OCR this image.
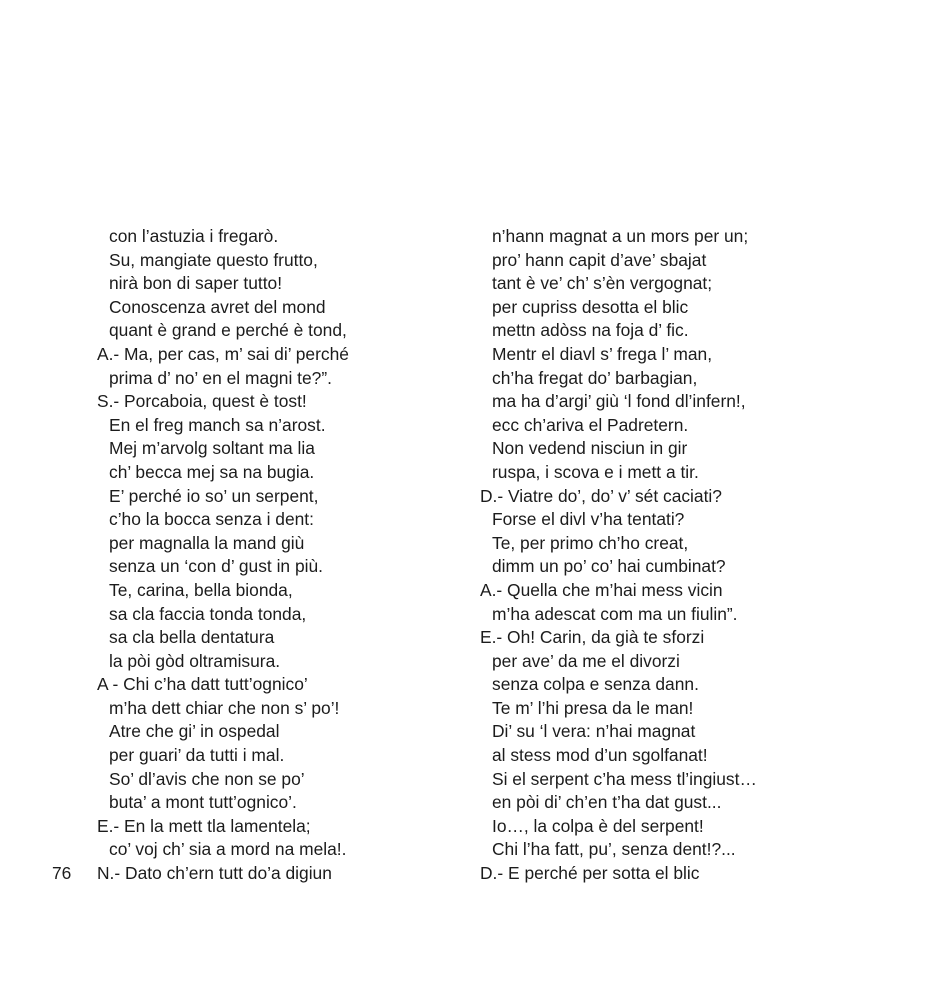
con l’astuzia i fregarò.
Su, mangiate questo frutto,
nirà bon di saper tutto!
Conoscenza avret del mond
quant è grand e perché è tond,
A.- Ma, per cas, m’ sai di’ perché
prima d’ no’ en el magni te?”.
S.- Porcaboia, quest è tost!
En el freg manch sa n’arost.
Mej m’arvolg soltant ma lia
ch’ becca mej sa na bugia.
E’ perché io so’ un serpent,
c’ho la bocca senza i dent:
per magnalla la mand giù
senza un ‘con d’ gust in più.
Te, carina, bella bionda,
sa cla faccia tonda tonda,
sa cla bella dentatura
la pòi gòd oltramisura.
A - Chi c’ha datt tutt’ognico’
m’ha dett chiar che non s’ po’!
Atre che gi’ in ospedal
per guari’ da tutti i mal.
So’ dl’avis che non se po’
buta’ a mont tutt’ognico’.
E.- En la mett tla lamentela;
co’ voj ch’ sia a mord na mela!.
N.- Dato ch’ern tutt do’a digiun
n’hann magnat a un mors per un;
pro’ hann capit d’ave’ sbajat
tant è ve’ ch’ s’èn vergognat;
per cupriss desotta el blic
mettn adòss na foja d’ fic.
Mentr el diavl s’ frega l’ man,
ch’ha fregat do’ barbagian,
ma ha d’argi’ giù ‘l fond dl’infern!,
ecc ch’ariva el Padretern.
Non vedend nisciun in gir
ruspa, i scova e i mett a tir.
D.- Viatre do’, do’ v’ sét caciati?
Forse el divl v’ha tentati?
Te, per primo ch’ho creat,
dimm un po’ co’ hai cumbinat?
A.- Quella che m’hai mess vicin
m’ha adescat com ma un fiulin”.
E.- Oh! Carin, da già te sforzi
per ave’ da me el divorzi
senza colpa e senza dann.
Te m’ l’hi presa da le man!
Di’ su ‘l vera: n’hai magnat
al stess mod d’un sgolfanat!
Si el serpent c’ha mess tl’ingiust…
en pòi di’ ch’en t’ha dat gust...
Io…, la colpa è del serpent!
Chi l’ha fatt, pu’, senza dent!?...
D.- E perché per sotta el blic
76
